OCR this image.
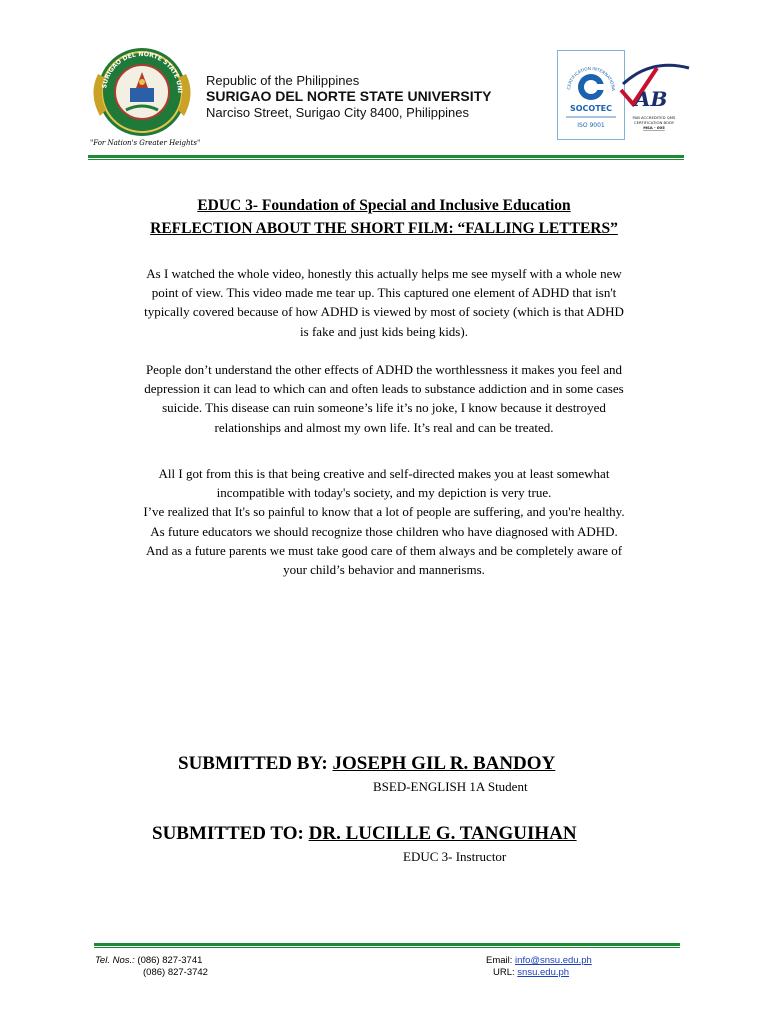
SURIGAO DEL NORTE STATE UNI
"For Nation's Greater Heights"
Republic of the Philippines
SURIGAO DEL NORTE STATE UNIVERSITY
Narciso Street, Surigao City 8400, Philippines
CERTIFICATION INTERNATIONA
SOCOTEC
ISO 9001
AB
PAB ACCREDITED QMS
CERTIFICATION BODY
MSA - 005
EDUC 3- Foundation of Special and Inclusive Education
REFLECTION ABOUT THE SHORT FILM: “FALLING LETTERS”
As I watched the whole video, honestly this actually helps me see myself with a whole new
point of view. This video made me tear up. This captured one element of ADHD that isn't
typically covered because of how ADHD is viewed by most of society (which is that ADHD
is fake and just kids being kids).
People don’t understand the other effects of ADHD the worthlessness it makes you feel and
depression it can lead to which can and often leads to substance addiction and in some cases
suicide. This disease can ruin someone’s life it’s no joke, I know because it destroyed
relationships and almost my own life. It’s real and can be treated.
All I got from this is that being creative and self-directed makes you at least somewhat
incompatible with today's society, and my depiction is very true.
I’ve realized that It's so painful to know that a lot of people are suffering, and you're healthy.
As future educators we should recognize those children who have diagnosed with ADHD.
And as a future parents we must take good care of them always and be completely aware of
your child’s behavior and mannerisms.
SUBMITTED BY: JOSEPH GIL R. BANDOY
BSED-ENGLISH 1A Student
SUBMITTED TO: DR. LUCILLE G. TANGUIHAN
EDUC 3- Instructor
Tel. Nos.: (086) 827-3741
(086) 827-3742
Email: info@snsu.edu.ph
URL: snsu.edu.ph
